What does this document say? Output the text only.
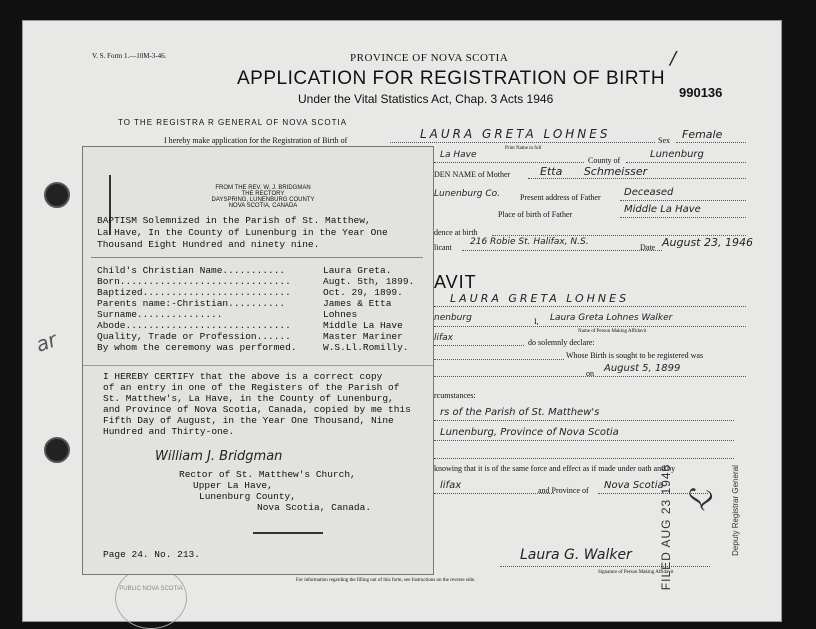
V. S. Form 1.—10M-3-46.	PROVINCE OF NOVA SCOTIA
APPLICATION FOR REGISTRATION OF BIRTH
Under the Vital Statistics Act, Chap. 3 Acts 1946	990136
/
TO THE REGISTRA R GENERAL OF NOVA SCOTIA
I hereby make application for the Registration of Birth of	LAURA GRETA LOHNES
Print Name in full
Sex Female
La Have
County of
Lunenburg
DEN NAME of Mother	Etta Schmeisser
Lunenburg Co. Present address of Father Deceased
Place of birth of Father	Middle La Have
dence at birth
licant
216 Robie St. Halifax, N.S.
Date August 23, 1946
AVIT
LAURA GRETA LOHNES
nenburg	I, Laura Greta Lohnes Walker
Name of Person Making Affidavit
lifax	do solemnly declare:
Whose Birth is sought to be registered was
on August 5, 1899
rcumstances:
rs of the Parish of St. Matthew's
Lunenburg, Province of Nova Scotia
knowing that it is of the same force and effect as if made under oath and by
lifax	and Province of Nova Scotia
Laura G. Walker
Signature of Person Making Affidavit
For information regarding the filling out of this form, see Instructions on the reverse side.	FILED AUG 23 1946	Deputy Registrar General
ℒ
ar
PUBLIC NOVA SCOTIA
FROM THE REV. W. J. BRIDGMAN
THE RECTORY
DAYSPRING, LUNENBURG COUNTY
NOVA SCOTIA, CANADA
BAPTISM Solemnized in the Parish of St. Matthew,
La Have, In the County of Lunenburg in the Year One
Thousand Eight Hundred and ninety nine.
Child's Christian Name...........	Laura Greta.
Born..............................	Augt. 5th, 1899.
Baptized..........................	Oct. 29, 1899.
Parents name:-Christian..........	James & Etta
Surname...............	Lohnes
Abode.............................	Middle La Have
Quality, Trade or Profession......	Master Mariner
By whom the ceremony was performed.	W.S.Ll.Romilly.
I HEREBY CERTIFY that the above is a correct copy
of an entry in one of the Registers of the Parish of
St. Matthew's, La Have, in the County of Lunenburg,
and Province of Nova Scotia, Canada, copied by me this
Fifth Day of August, in the Year One Thousand, Nine
Hundred and Thirty-one.
William J. Bridgman
Rector of St. Matthew's Church,
Upper La Have,
Lunenburg County,
Nova Scotia, Canada.
Page 24. No. 213.
